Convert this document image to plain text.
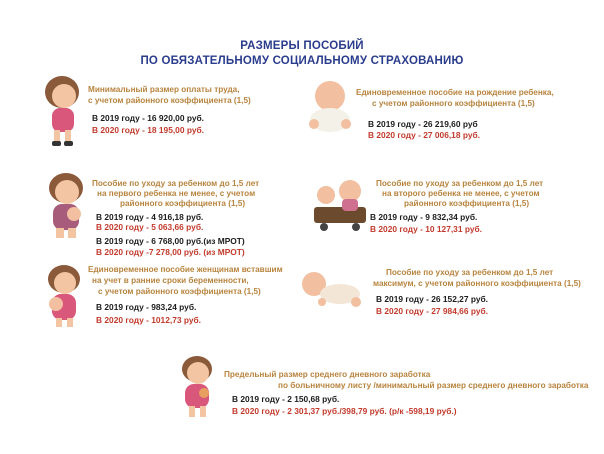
РАЗМЕРЫ ПОСОБИЙ
ПО ОБЯЗАТЕЛЬНОМУ СОЦИАЛЬНОМУ СТРАХОВАНИЮ
Минимальный размер оплаты труда,
с учетом районного коэффициента (1,5)
В 2019 году - 16 920,00 руб.
В 2020 году - 18 195,00 руб.
Единовременное пособие на рождение ребенка,
с учетом районного коэффициента (1,5)
В 2019 году - 26 219,60 руб
В 2020 году - 27 006,18 руб.
Пособие по уходу за ребенком до 1,5 лет
на первого ребенка не менее, с учетом
районного коэффициента (1,5)
В 2019 году - 4 916,18 руб.
В 2020 году - 5 063,66 руб.
В 2019 году - 6 768,00 руб.(из МРОТ)
В 2020 году -7 278,00 руб. (из МРОТ)
Пособие по уходу за ребенком до 1,5 лет
на второго ребенка не менее, с учетом
районного коэффициента (1,5)
В 2019 году - 9 832,34 руб.
В 2020 году - 10 127,31 руб.
Единовременное пособие женщинам вставшим
на учет в ранние сроки беременности,
с учетом районного коэффициента (1,5)
В 2019 году - 983,24 руб.
В 2020 году - 1012,73 руб.
Пособие по уходу за ребенком до 1,5 лет
максимум, с учетом районного коэффициента (1,5)
В 2019 году - 26 152,27 руб.
В 2020 году - 27 984,66 руб.
Предельный размер среднего дневного заработка
по больничному листу /минимальный размер среднего дневного заработка
В 2019 году - 2 150,68 руб.
В 2020 году - 2 301,37 руб./398,79 руб. (р/к -598,19 руб.)
